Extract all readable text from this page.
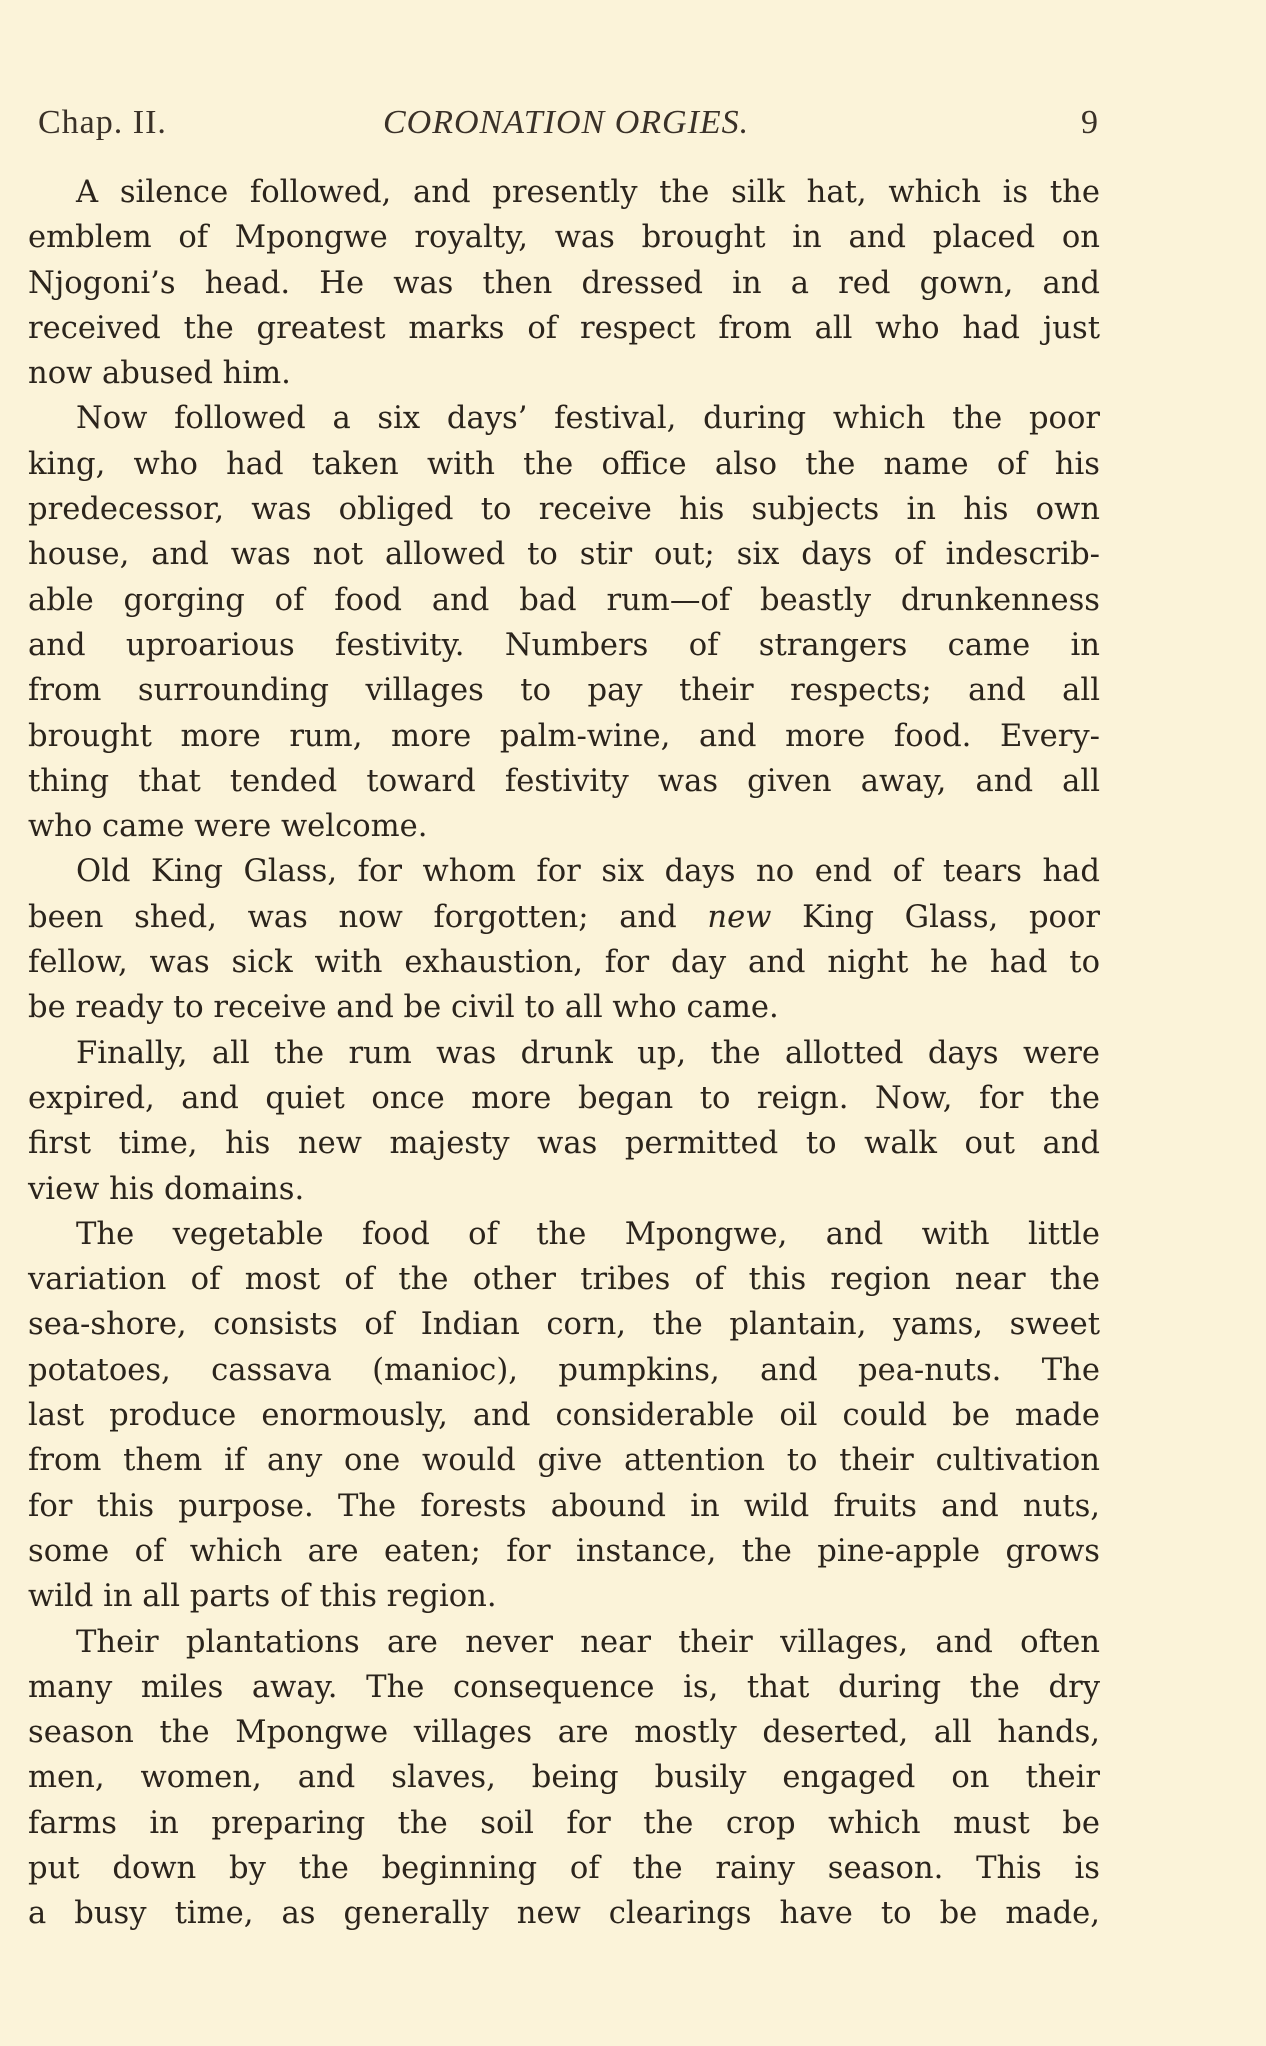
Chap. II.	CORONATION ORGIES.	9
A silence followed, and presently the silk hat, which is the
emblem of Mpongwe royalty, was brought in and placed on
Njogoni’s head. He was then dressed in a red gown, and
received the greatest marks of respect from all who had just
now abused him.
Now followed a six days’ festival, during which the poor
king, who had taken with the office also the name of his
predecessor, was obliged to receive his subjects in his own
house, and was not allowed to stir out; six days of indescrib-
able gorging of food and bad rum—of beastly drunkenness
and uproarious festivity. Numbers of strangers came in
from surrounding villages to pay their respects; and all
brought more rum, more palm-wine, and more food. Every-
thing that tended toward festivity was given away, and all
who came were welcome.
Old King Glass, for whom for six days no end of tears had
been shed, was now forgotten; and new King Glass, poor
fellow, was sick with exhaustion, for day and night he had to
be ready to receive and be civil to all who came.
Finally, all the rum was drunk up, the allotted days were
expired, and quiet once more began to reign. Now, for the
first time, his new majesty was permitted to walk out and
view his domains.
The vegetable food of the Mpongwe, and with little
variation of most of the other tribes of this region near the
sea-shore, consists of Indian corn, the plantain, yams, sweet
potatoes, cassava (manioc), pumpkins, and pea-nuts. The
last produce enormously, and considerable oil could be made
from them if any one would give attention to their cultivation
for this purpose. The forests abound in wild fruits and nuts,
some of which are eaten; for instance, the pine-apple grows
wild in all parts of this region.
Their plantations are never near their villages, and often
many miles away. The consequence is, that during the dry
season the Mpongwe villages are mostly deserted, all hands,
men, women, and slaves, being busily engaged on their
farms in preparing the soil for the crop which must be
put down by the beginning of the rainy season. This is
a busy time, as generally new clearings have to be made,
